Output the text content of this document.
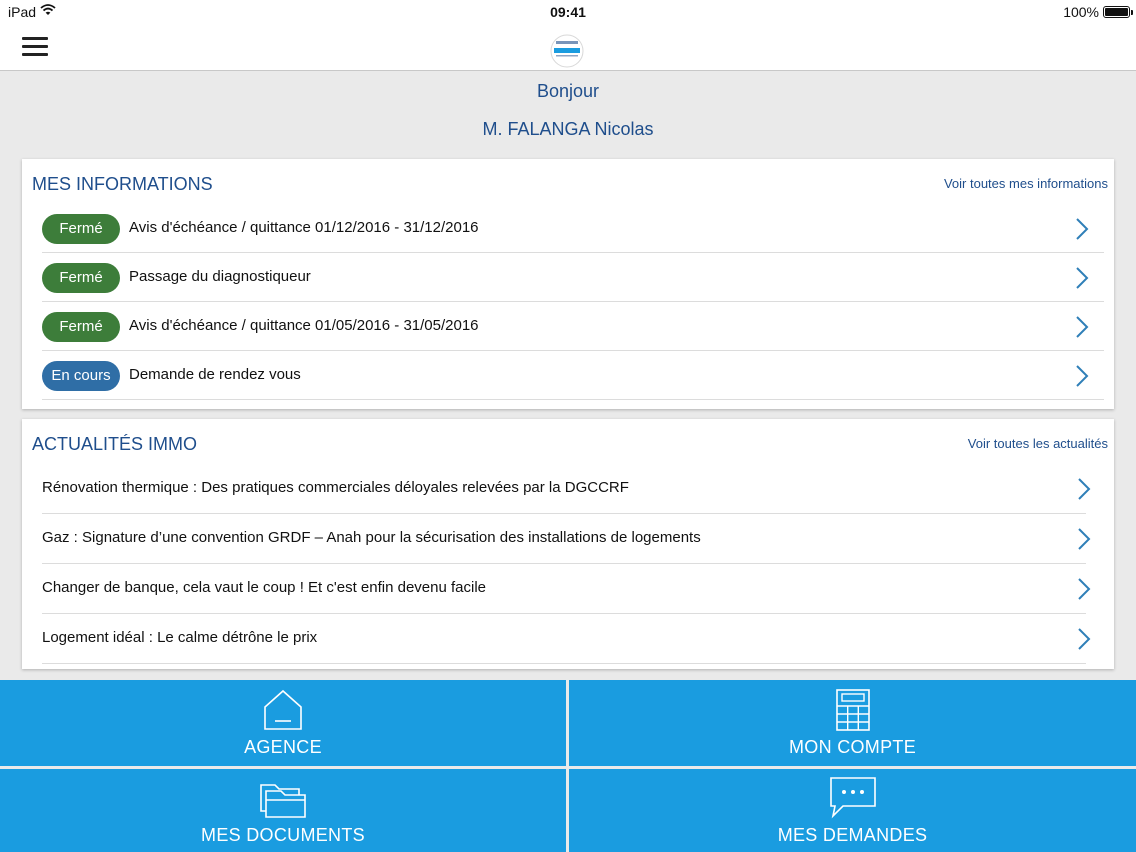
iPad	09:41	100%
Bonjour
M. FALANGA Nicolas
MES INFORMATIONS	Voir toutes mes informations
Fermé	Avis d'échéance / quittance 01/12/2016 - 31/12/2016
Fermé	Passage du diagnostiqueur
Fermé	Avis d'échéance / quittance 01/05/2016 - 31/05/2016
En cours	Demande de rendez vous
ACTUALITÉS IMMO	Voir toutes les actualités
Rénovation thermique : Des pratiques commerciales déloyales relevées par la DGCCRF
Gaz : Signature d’une convention GRDF – Anah pour la sécurisation des installations de logements
Changer de banque, cela vaut le coup ! Et c'est enfin devenu facile
Logement idéal : Le calme détrône le prix
AGENCE	MON COMPTE
MES DOCUMENTS	MES DEMANDES
